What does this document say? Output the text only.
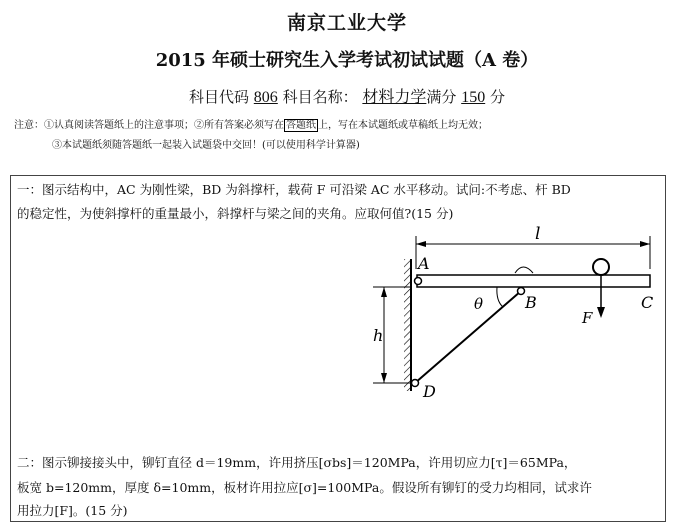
南京工业大学
2015 年硕士研究生入学考试初试试题（A 卷）
科目代码 806 科目名称： 材料力学满分 150 分
注意：①认真阅读答题纸上的注意事项；②所有答案必须写在 答题纸 上，写在本试题纸或草稿纸上均无效；
③本试题纸须随答题纸一起装入试题袋中交回！(可以使用科学计算器)
一：图示结构中，AC 为刚性梁，BD 为斜撑杆，载荷 F 可沿梁 AC 水平移动。试问:不考虑、杆 BD
的稳定性，为使斜撑杆的重量最小，斜撑杆与梁之间的夹角。应取何值?(15 分)
l
F
θ
h
A
B	C
D
二：图示铆接接头中，铆钉直径 d＝19mm，许用挤压[σbs]＝120MPa，许用切应力[τ]＝65MPa，
板宽 b=120mm，厚度 δ=10mm，板材许用拉应[σ]=100MPa。假设所有铆钉的受力均相同，试求许
用拉力[F]。(15 分)
